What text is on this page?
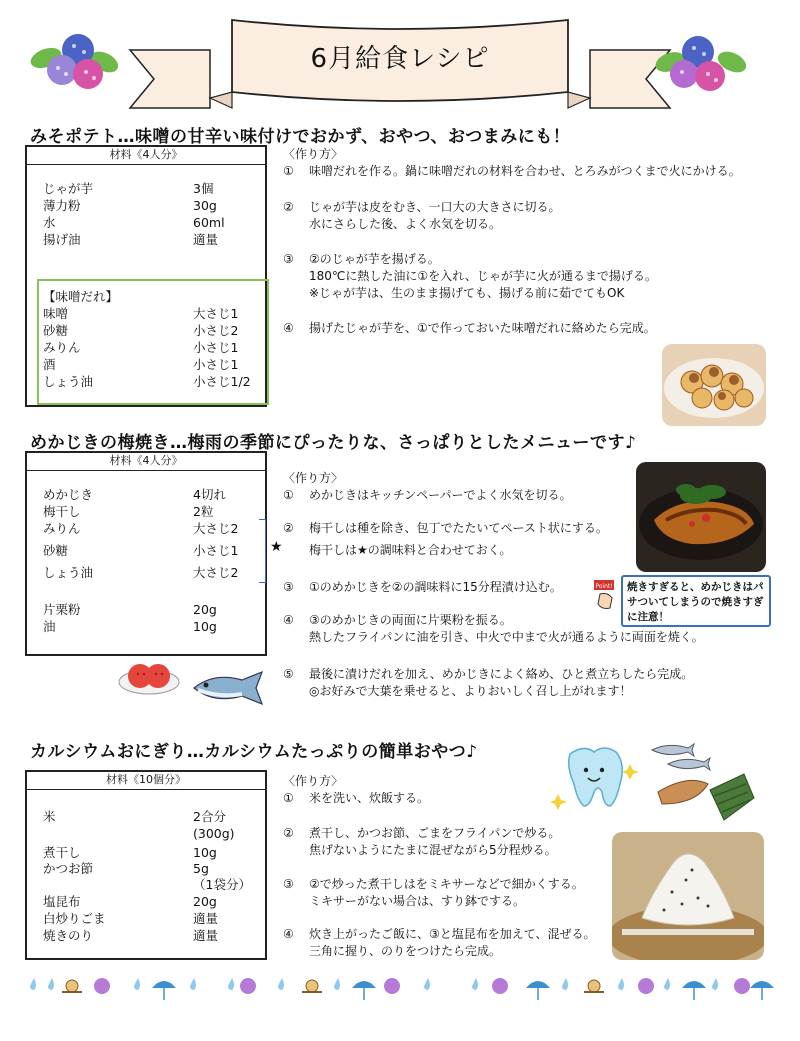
6月給食レシピ
みそポテト…味噌の甘辛い味付けでおかず、おやつ、おつまみにも！
材料《4人分》
じゃが芋	3個
薄力粉	30g
水	60ml
揚げ油	適量
【味噌だれ】
味噌	大さじ1
砂糖	小さじ2
みりん	小さじ1
酒	小さじ1
しょう油	小さじ1/2
〈作り方〉
① 味噌だれを作る。鍋に味噌だれの材料を合わせ、とろみがつくまで火にかける。
② じゃが芋は皮をむき、一口大の大きさに切る。
水にさらした後、よく水気を切る。
③ ②のじゃが芋を揚げる。
180℃に熱した油に①を入れ、じゃが芋に火が通るまで揚げる。
※じゃが芋は、生のまま揚げても、揚げる前に茹でてもOK
④ 揚げたじゃが芋を、①で作っておいた味噌だれに絡めたら完成。
めかじきの梅焼き…梅雨の季節にぴったりな、さっぱりとしたメニューです♪
材料《4人分》
めかじき	4切れ
梅干し	2粒
みりん	大さじ2
砂糖	小さじ1
しょう油	大さじ2
片栗粉	20g
油	10g
★
〈作り方〉
① めかじきはキッチンペーパーでよく水気を切る。
② 梅干しは種を除き、包丁でたたいてペースト状にする。
梅干しは★の調味料と合わせておく。
③ ①のめかじきを②の調味料に15分程漬け込む。
④ ③のめかじきの両面に片栗粉を振る。
熱したフライパンに油を引き、中火で中まで火が通るように両面を焼く。
⑤ 最後に漬けだれを加え、めかじきによく絡め、ひと煮立ちしたら完成。
◎お好みで大葉を乗せると、よりおいしく召し上がれます！
Point!	焼きすぎると、めかじきはパサついてしまうので焼きすぎに注意！
カルシウムおにぎり…カルシウムたっぷりの簡単おやつ♪
材料《10個分》
米	2合分
(300g)
煮干し	10g
かつお節	5g
（1袋分）
塩昆布	20g
白炒りごま	適量
焼きのり	適量
〈作り方〉
① 米を洗い、炊飯する。
② 煮干し、かつお節、ごまをフライパンで炒る。
焦げないようにたまに混ぜながら5分程炒る。
③ ②で炒った煮干しはをミキサーなどで細かくする。
ミキサーがない場合は、すり鉢でする。
④ 炊き上がったご飯に、③と塩昆布を加えて、混ぜる。
三角に握り、のりをつけたら完成。
